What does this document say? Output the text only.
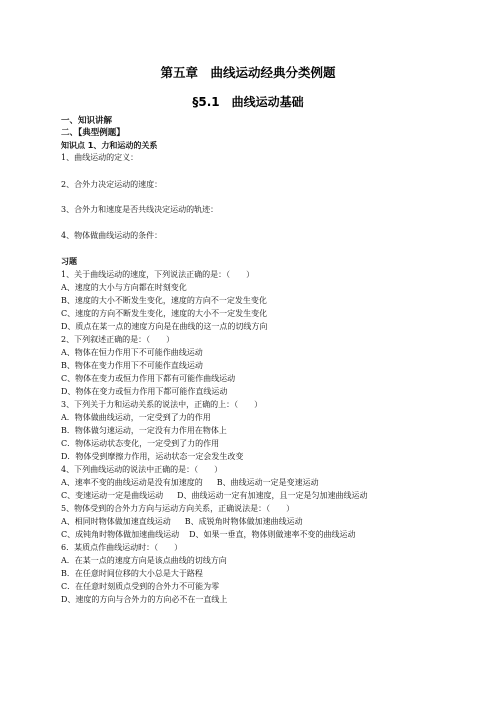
第五章　曲线运动经典分类例题
§5.1　曲线运动基础
一、知识讲解
二、【典型例题】
知识点 1、力和运动的关系
1、曲线运动的定义：
2、合外力决定运动的速度：
3、合外力和速度是否共线决定运动的轨迹：
4、物体做曲线运动的条件：
习题
1、关于曲线运动的速度，下列说法正确的是：（　　）
A、速度的大小与方向都在时刻变化
B、速度的大小不断发生变化，速度的方向不一定发生变化
C、速度的方向不断发生变化，速度的大小不一定发生变化
D、质点在某一点的速度方向是在曲线的这一点的切线方向
2、下列叙述正确的是：（　　）
A、物体在恒力作用下不可能作曲线运动
B、物体在变力作用下不可能作直线运动
C、物体在变力或恒力作用下都有可能作曲线运动
D、物体在变力或恒力作用下都可能作直线运动
3、下列关于力和运动关系的说法中，正确的上：（　　）
A．物体做曲线运动，一定受到了力的作用
B．物体做匀速运动，一定没有力作用在物体上
C．物体运动状态变化，一定受到了力的作用
D．物体受到摩擦力作用，运动状态一定会发生改变
4、下列曲线运动的说法中正确的是：（　　）
A、速率不变的曲线运动是没有加速度的 B、曲线运动一定是变速运动
C、变速运动一定是曲线运动 D、曲线运动一定有加速度，且一定是匀加速曲线运动
5、物体受到的合外力方向与运动方向关系，正确说法是：（　　）
A、相同时物体做加速直线运动 B、成锐角时物体做加速曲线运动
C、成钝角时物体做加速曲线运动 D、如果一垂直，物体则做速率不变的曲线运动
6．某质点作曲线运动时：（　　）
A．在某一点的速度方向是该点曲线的切线方向
B．在任意时间位移的大小总是大于路程
C．在任意时刻质点受到的合外力不可能为零
D、速度的方向与合外力的方向必不在一直线上
